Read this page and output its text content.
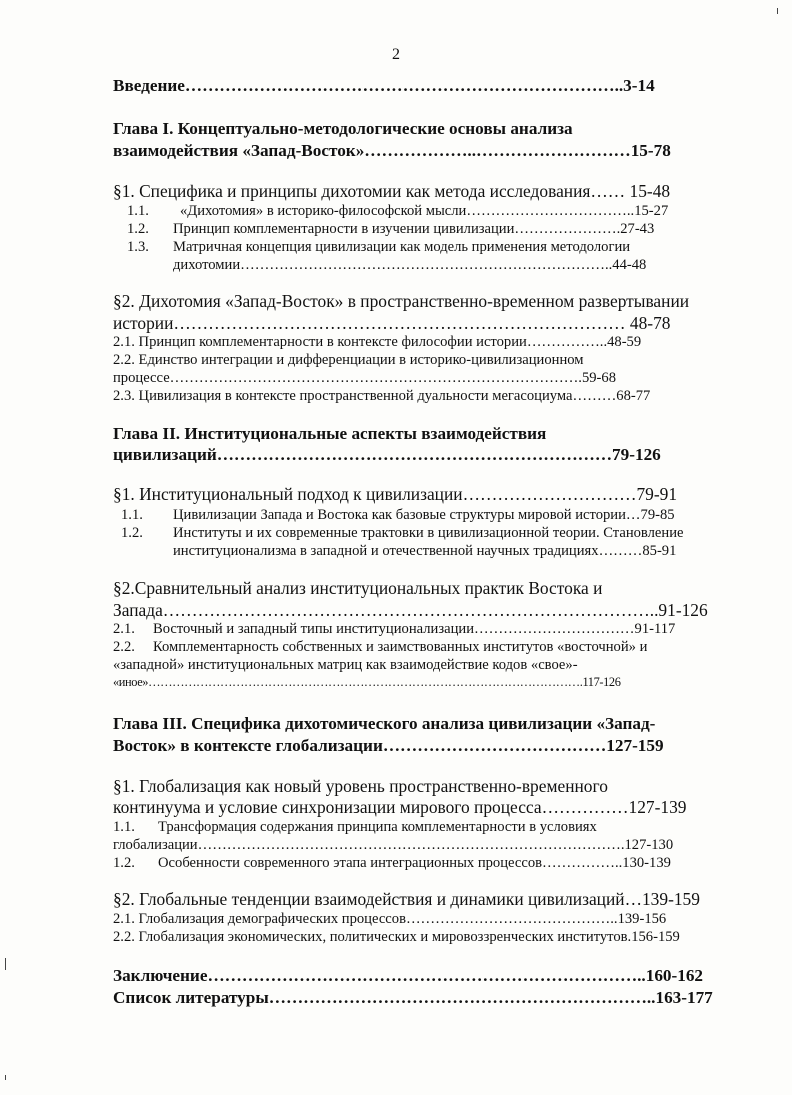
2
Введение…………………………………………………………………..3-14
Глава I. Концептуально-методологические основы анализа
взаимодействия «Запад-Восток»………………..………………………15-78
§1. Специфика и принципы дихотомии как метода исследования…… 15-48
1.1. «Дихотомия» в историко-философской мысли……………………………..15-27
1.2. Принцип комплементарности в изучении цивилизации………………….27-43
1.3. Матричная концепция цивилизации как модель применения методологии
дихотомии…………………………………………………………………..44-48
§2. Дихотомия «Запад-Восток» в пространственно-временном развертывании
истории…………………………………………………………………… 48-78
2.1. Принцип комплементарности в контексте философии истории……………..48-59
2.2. Единство интеграции и дифференциации в историко-цивилизационном
процессе………………………………………………………………………….59-68
2.3. Цивилизация в контексте пространственной дуальности мегасоциума………68-77
Глава II. Институциональные аспекты взаимодействия
цивилизаций……………………………………………………………79-126
§1. Институциональный подход к цивилизации…………………………79-91
1.1. Цивилизации Запада и Востока как базовые структуры мировой истории…79-85
1.2. Институты и их современные трактовки в цивилизационной теории. Становление
институционализма в западной и отечественной научных традициях………85-91
§2.Сравнительный анализ институциональных практик Востока и
Запада…………………………………………………………………………..91-126
2.1. Восточный и западный типы институционализации……………………………91-117
2.2. Комплементарность собственных и заимствованных институтов «восточной» и
«западной» институциональных матриц как взаимодействие кодов «свое»-
«иное»……………………………………………………………………………………………….117-126
Глава III. Специфика дихотомического анализа цивилизации «Запад-
Восток» в контексте глобализации…………………………………127-159
§1. Глобализация как новый уровень пространственно-временного
континуума и условие синхронизации мирового процесса……………127-139
1.1. Трансформация содержания принципа комплементарности в условиях
глобализации…………………………………………………………………………….127-130
1.2. Особенности современного этапа интеграционных процессов……………..130-139
§2. Глобальные тенденции взаимодействия и динамики цивилизаций…139-159
2.1. Глобализация демографических процессов……………………………………..139-156
2.2. Глобализация экономических, политических и мировоззренческих институтов.156-159
Заключение…………………………………………………………………..160-162
Список литературы…………………………………………………………..163-177
